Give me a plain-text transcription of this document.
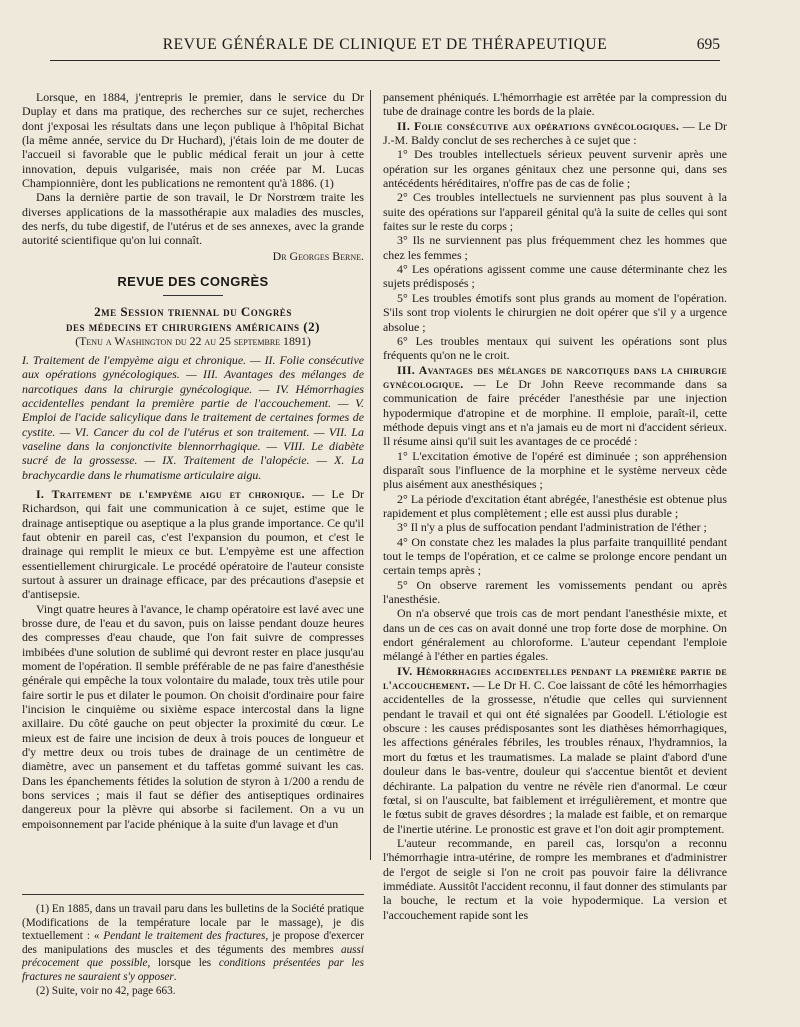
REVUE GÉNÉRALE DE CLINIQUE ET DE THÉRAPEUTIQUE	695

Lorsque, en 1884, j'entrepris le premier, dans le service du Dr Duplay et dans ma pratique, des recherches sur ce sujet, recherches dont j'exposai les résultats dans une leçon publique à l'hôpital Bichat (la même année, service du Dr Huchard), j'étais loin de me douter de l'accueil si favorable que le public médical ferait un jour à cette innovation, depuis vulgarisée, mais non créée par M. Lucas Championnière, dont les publications ne remontent qu'à 1886. (1)

Dans la dernière partie de son travail, le Dr Norstrœm traite les diverses applications de la massothérapie aux maladies des muscles, des nerfs, du tube digestif, de l'utérus et de ses annexes, avec la grande autorité scientifique qu'on lui connaît.

Dr Georges Berne.

REVUE DES CONGRÈS
2me Session triennal du Congrès
des médecins et chirurgiens américains (2)
(Tenu a Washington du 22 au 25 septembre 1891)

I. Traitement de l'empyème aigu et chronique. — II. Folie consécutive aux opérations gynécologiques. — III. Avantages des mélanges de narcotiques dans la chirurgie gynécologique. — IV. Hémorrhagies accidentelles pendant la première partie de l'accouchement. — V. Emploi de l'acide salicylique dans le traitement de certaines formes de cystite. — VI. Cancer du col de l'utérus et son traitement. — VII. La vaseline dans la conjonctivite blennorrhagique. — VIII. Le diabète sucré de la grossesse. — IX. Traitement de l'alopécie. — X. La brachycardie dans le rhumatisme articulaire aigu.

I. Traitement de l'empyème aigu et chronique. — Le Dr Richardson, qui fait une communication à ce sujet, estime que le drainage antiseptique ou aseptique a la plus grande importance. Ce qu'il faut obtenir en pareil cas, c'est l'expansion du poumon, et c'est le drainage qui remplit le mieux ce but. L'empyème est une affection essentiellement chirurgicale. Le procédé opératoire de l'auteur consiste surtout à assurer un drainage efficace, par des précautions d'asepsie et d'antisepsie.

Vingt quatre heures à l'avance, le champ opératoire est lavé avec une brosse dure, de l'eau et du savon, puis on laisse pendant douze heures des compresses d'eau chaude, que l'on fait suivre de compresses imbibées d'une solution de sublimé qui devront rester en place jusqu'au moment de l'opération. Il semble préférable de ne pas faire d'anesthésie générale qui empêche la toux volontaire du malade, toux très utile pour faire sortir le pus et dilater le poumon. On choisit d'ordinaire pour faire l'incision le cinquième ou sixième espace intercostal dans la ligne axillaire. Du côté gauche on peut objecter la proximité du cœur. Le mieux est de faire une incision de deux à trois pouces de longueur et d'y mettre deux ou trois tubes de drainage de un centimètre de diamètre, avec un pansement et du taffetas gommé suivant les cas. Dans les épanchements fétides la solution de styron à 1/200 a rendu de bons services ; mais il faut se défier des antiseptiques ordinaires dangereux pour la plèvre qui absorbe si facilement. On a vu un empoisonnement par l'acide phénique à la suite d'un lavage et d'un

(1) En 1885, dans un travail paru dans les bulletins de la Société pratique (Modifications de la température locale par le massage), je dis textuellement : « Pendant le traitement des fractures, je propose d'exercer des manipulations des muscles et des téguments des membres aussi précocement que possible, lorsque les conditions présentées par les fractures ne sauraient s'y opposer.

(2) Suite, voir no 42, page 663.

pansement phéniqués. L'hémorrhagie est arrêtée par la compression du tube de drainage contre les bords de la plaie.

II. Folie consécutive aux opérations gynécologiques. — Le Dr J.-M. Baldy conclut de ses recherches à ce sujet que :

1° Des troubles intellectuels sérieux peuvent survenir après une opération sur les organes génitaux chez une personne qui, dans ses antécédents héréditaires, n'offre pas de cas de folie ;

2° Ces troubles intellectuels ne surviennent pas plus souvent à la suite des opérations sur l'appareil génital qu'à la suite de celles qui sont faites sur le reste du corps ;

3° Ils ne surviennent pas plus fréquemment chez les hommes que chez les femmes ;

4° Les opérations agissent comme une cause déterminante chez les sujets prédisposés ;

5° Les troubles émotifs sont plus grands au moment de l'opération. S'ils sont trop violents le chirurgien ne doit opérer que s'il y a urgence absolue ;

6° Les troubles mentaux qui suivent les opérations sont plus fréquents qu'on ne le croit.

III. Avantages des mélanges de narcotiques dans la chirurgie gynécologique. — Le Dr John Reeve recommande dans sa communication de faire précéder l'anesthésie par une injection hypodermique d'atropine et de morphine. Il emploie, paraît-il, cette méthode depuis vingt ans et n'a jamais eu de mort ni d'accident sérieux. Il résume ainsi qu'il suit les avantages de ce procédé :

1° L'excitation émotive de l'opéré est diminuée ; son appréhension disparaît sous l'influence de la morphine et le système nerveux cède plus aisément aux anesthésiques ;

2° La période d'excitation étant abrégée, l'anesthésie est obtenue plus rapidement et plus complètement ; elle est aussi plus durable ;

3° Il n'y a plus de suffocation pendant l'administration de l'éther ;

4° On constate chez les malades la plus parfaite tranquillité pendant tout le temps de l'opération, et ce calme se prolonge encore pendant un certain temps après ;

5° On observe rarement les vomissements pendant ou après l'anesthésie.

On n'a observé que trois cas de mort pendant l'anesthésie mixte, et dans un de ces cas on avait donné une trop forte dose de morphine. On endort généralement au chloroforme. L'auteur cependant l'emploie mélangé à l'éther en parties égales.

IV. Hémorrhagies accidentelles pendant la première partie de l'accouchement. — Le Dr H. C. Coe laissant de côté les hémorrhagies accidentelles de la grossesse, n'étudie que celles qui surviennent pendant le travail et qui ont été signalées par Goodell. L'étiologie est obscure : les causes prédisposantes sont les diathèses hémorrhagiques, les affections générales fébriles, les troubles rénaux, l'hydramnios, la mort du fœtus et les traumatismes. La malade se plaint d'abord d'une douleur dans le bas-ventre, douleur qui s'accentue bientôt et devient déchirante. La palpation du ventre ne révèle rien d'anormal. Le cœur fœtal, si on l'ausculte, bat faiblement et irrégulièrement, et montre que le fœtus subit de graves désordres ; la malade est faible, et on remarque de l'inertie utérine. Le pronostic est grave et l'on doit agir promptement.

L'auteur recommande, en pareil cas, lorsqu'on a reconnu l'hémorrhagie intra-utérine, de rompre les membranes et d'administrer de l'ergot de seigle si l'on ne croit pas pouvoir faire la délivrance immédiate. Aussitôt l'accident reconnu, il faut donner des stimulants par la bouche, le rectum et la voie hypodermique. La version et l'accouchement rapide sont les
